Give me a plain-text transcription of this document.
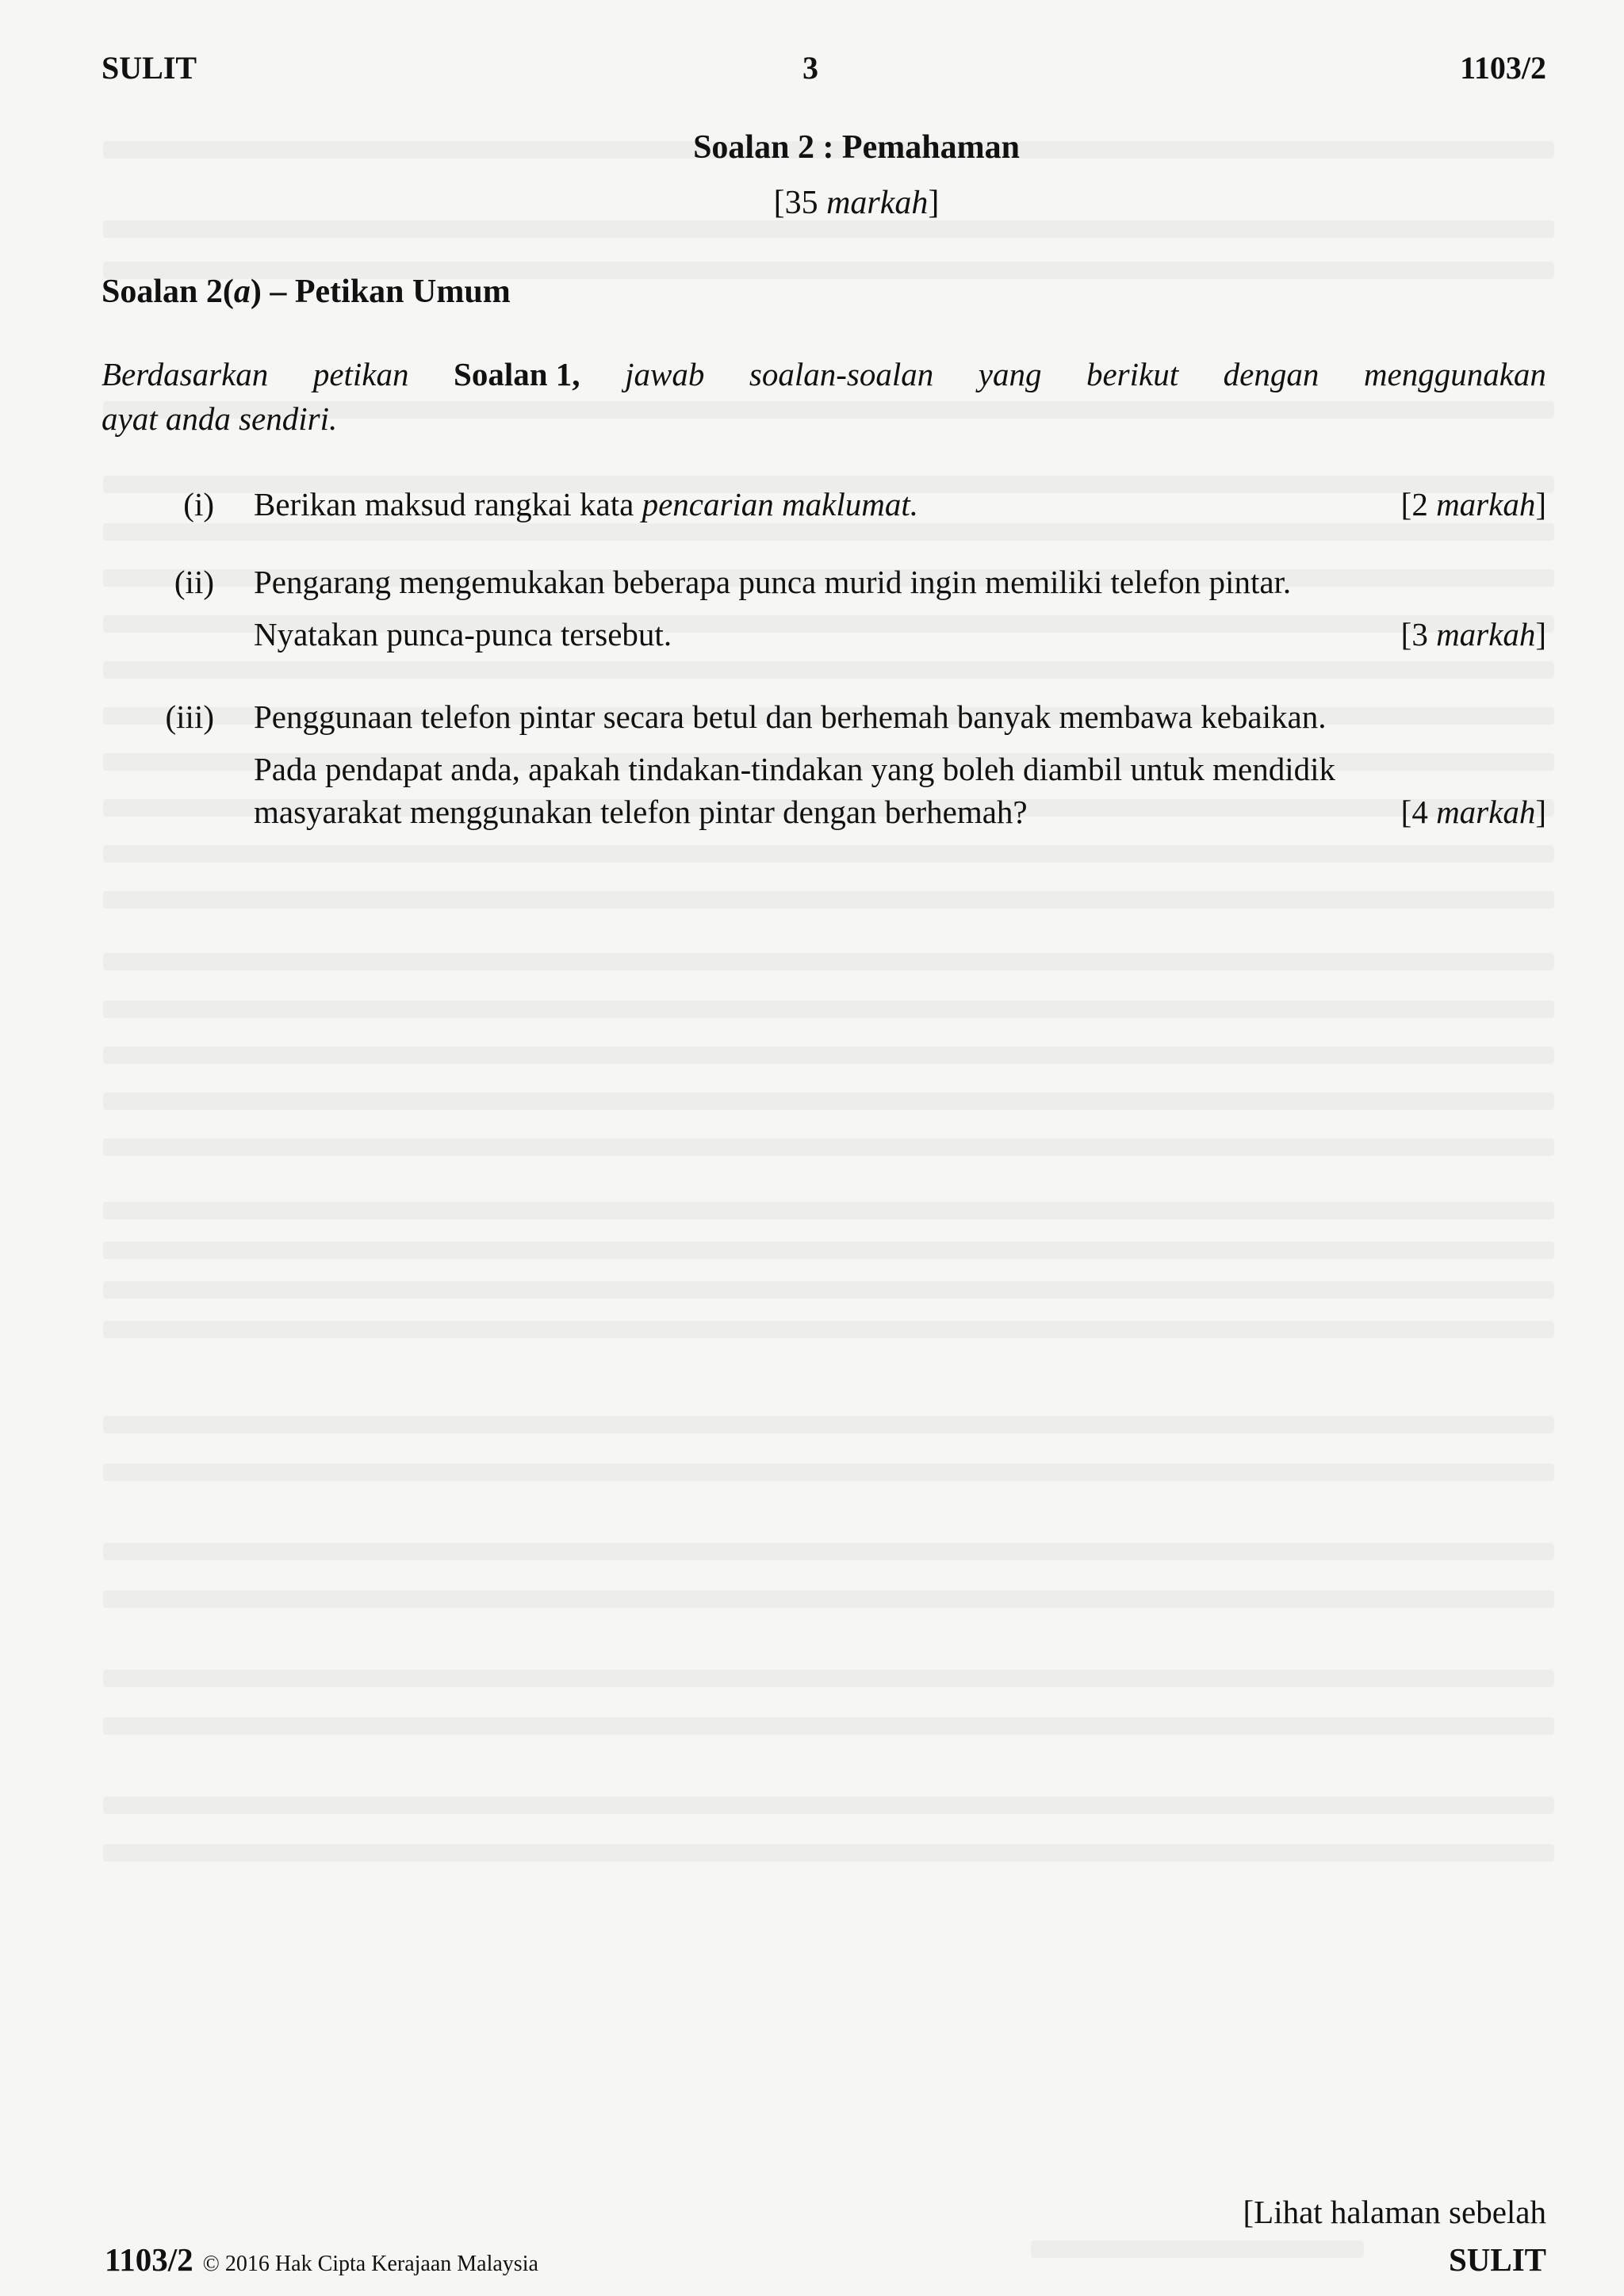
SULIT	3	1103/2
Soalan 2 : Pemahaman
[35 markah]
Soalan 2(a) – Petikan Umum
Berdasarkan petikan Soalan 1, jawab soalan-soalan yang berikut dengan menggunakan
ayat anda sendiri.
(i) Berikan maksud rangkai kata pencarian maklumat.	[2 markah]
(ii) Pengarang mengemukakan beberapa punca murid ingin memiliki telefon pintar.
Nyatakan punca-punca tersebut.	[3 markah]
(iii) Penggunaan telefon pintar secara betul dan berhemah banyak membawa kebaikan.
Pada pendapat anda, apakah tindakan-tindakan yang boleh diambil untuk mendidik
masyarakat menggunakan telefon pintar dengan berhemah?	[4 markah]
[Lihat halaman sebelah
1103/2 © 2016 Hak Cipta Kerajaan Malaysia	SULIT
